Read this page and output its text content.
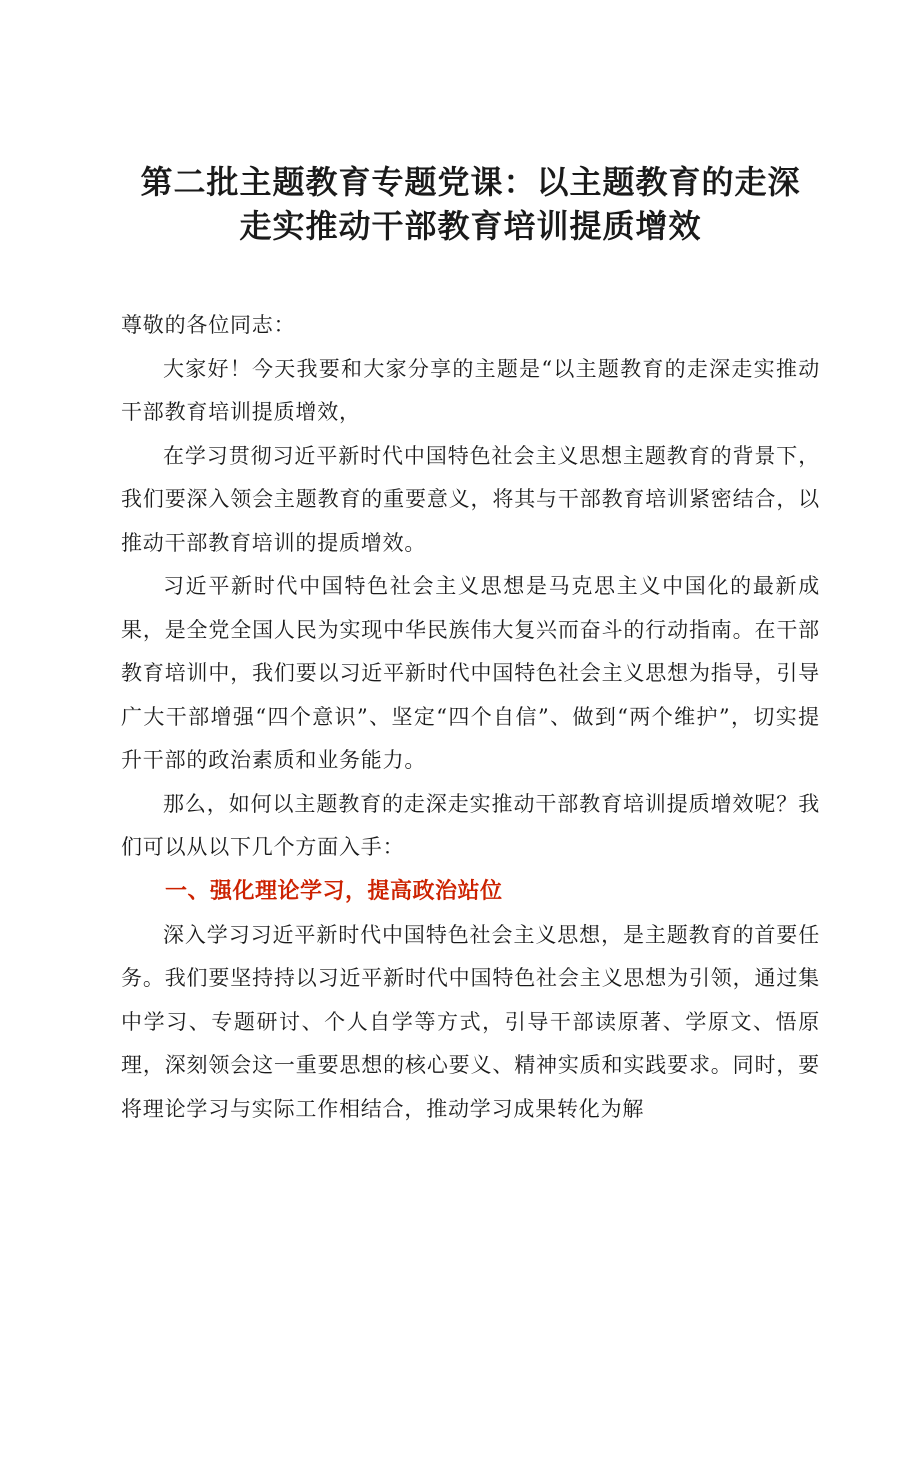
第二批主题教育专题党课：以主题教育的走深
走实推动干部教育培训提质增效
尊敬的各位同志：

大家好！今天我要和大家分享的主题是“以主题教育的走深走实推动干部教育培训提质增效，

在学习贯彻习近平新时代中国特色社会主义思想主题教育的背景下，我们要深入领会主题教育的重要意义，将其与干部教育培训紧密结合，以推动干部教育培训的提质增效。

习近平新时代中国特色社会主义思想是马克思主义中国化的最新成果，是全党全国人民为实现中华民族伟大复兴而奋斗的行动指南。在干部教育培训中，我们要以习近平新时代中国特色社会主义思想为指导，引导广大干部增强“四个意识”、坚定“四个自信”、做到“两个维护”，切实提升干部的政治素质和业务能力。

那么，如何以主题教育的走深走实推动干部教育培训提质增效呢？我们可以从以下几个方面入手：

一、强化理论学习，提高政治站位

深入学习习近平新时代中国特色社会主义思想，是主题教育的首要任务。我们要坚持持以习近平新时代中国特色社会主义思想为引领，通过集中学习、专题研讨、个人自学等方式，引导干部读原著、学原文、悟原理，深刻领会这一重要思想的核心要义、精神实质和实践要求。同时，要将理论学习与实际工作相结合，推动学习成果转化为解
